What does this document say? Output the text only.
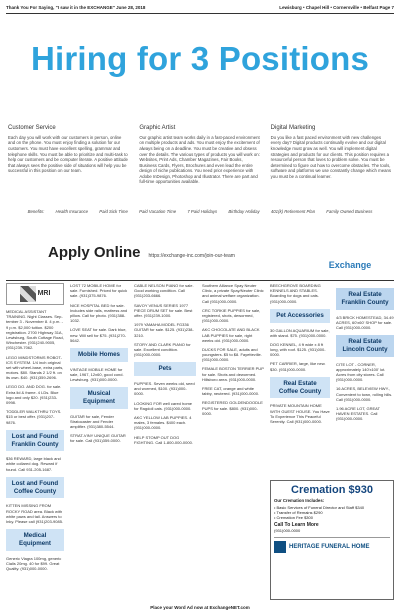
Thank You For Saying, "I saw it in the EXCHANGE" June 28, 2018	Lewisburg • Chapel Hill • Cornersville • Belfast Page 7
Hiring for 3 Positions
Customer Service

Each day you will work with our customers in person, online and on the phone. You must enjoy finding a solution for our customers. You must have excellent spelling, grammar and telephone skills. You must be able to prioritize and multi-task to help our customers and be computer literate. A positive attitude that always sees the positive side of situations will help you be successful in this position on our team.

Graphic Artist

Our graphic artist team works daily in a fast-paced environment on multiple products and ads. You must enjoy the excitement of always being on a deadline. You must be creative and obsess over the details. The various types of products you will work on: Websites, Print Ads, Chamber Magazines, Fair Books, Business Cards, Flyers, Brochures and even lead the entire design of niche publications. You need prior experience with Adobe InDesign, Photoshop and Illustrator. There are part and full-time opportunities available.

Digital Marketing

Do you like a fast paced environment with new challenges every day? Digital products continually evolve and our digital knowledge must grow as well. You will implement digital strategies and products for our clients. This position requires a resourceful person that loves to problem solve. You must be determined to figure out how to overcome obstacles. The tools, software and platforms we use constantly change which means you must be a continual learner.

Benefits:	Health Insurance	Paid Sick Time	Paid Vacation Time	7 Paid Holidays	Birthday Holiday	401(k) Retirement Plan	Family Owned Business
Apply Online https://exchange-inc.com/join-our-team
Exchange
MRI
MEDICAL ASSISTANT TRAINING. Night Classes. Sep- tember 3 - November 8. 4 p.m. - 9 p.m. $2,000 tuition. $200 registration. 2700 Highway 31A, Lewisburg, South Cottage Road, Winchester. (931)240-9005, (931)239-7062.
LEGO MINDSTORMS ROBOT- ICS SYSTEM. 1/4 inch original set with wheel-base, extra parts, motors. $80. Stands 2 1/2 ft. on its own. $40. (931)359-2696.
LEGO DO. AND DOG. for sale. Extra lid & frame. 4 LDs. Blue logo and only $20. (931)233-0998.
TODDLER WALKTHRU TOYS. $15 or best offer. (931)207-9876.
Lost and Found
Franklin County
$36 REWARD, large black and white collared dog. Reward if found. Call 931-205-1687.
Lost and Found
Coffee County
KITTEN MISSING FROM ROCKY ROAD area. Black with white paws and tail. Answers to Inky. Please call (931)203-9085.
Medical
Equipment
Generic Viagra 100mg, generic Cialis 20mg. 40 for $99. Great Quality. (931)000-0000.
LOST 72 MOBILE HOME for sale. Furnished. Priced for quick sale. (931)375-9876.
NICE HOSPITAL BED for sale. Includes side rails, mattress and pillow. Call for photo. (931)388-1032.
LOVE SEAT for sale. Dark blue, new. Will sell for $75. (931)270-5642.
Mobile Homes
VINTAGE MOBILE HOME for sale, 1967, 12x60, good cond. Lewisburg. (931)000-0000.
Musical
Equipment
GUITAR for sale, Fender Stratocaster and Fender amplifier. (931)380-5544.
STRAT-VINY UNIQUE GUITAR for sale. Call (931)359-0000.
CABLE NELSON PIANO for sale. Good working condition. Call (931)203-6666.
SAVOY VENUS SERIES 1977 PIECE DRUM SET for sale. Best offer. (931)239-1000.
1979 YAMAHA MODEL FG336 GUITAR for sale. $125. (931)238-3210.
STORY AND CLARK PIANO for sale. Excellent condition. (931)000-0000.
Pets
PUPPIES. Seven weeks old, seed and wormed, $100. (931)000-0000.
LOOKING FOR well cared home for Ragdoll cats. (931)000-0000.
AKC YELLOW LAB PUPPIES. 4 males, 3 females. $400 each. (931)000-0000.
HELP STOMP OUT DOG FIGHTING. Call 1-800-000-0000.
Southern Alliance Spay Neuter Clinic, a private Spay/Neuter Clinic and animal welfare organization. Call (931)000-0000.
CRC TORKIE PUPPIES for sale, registered, shots, dewormed, (931)000-0000.
AKC CHOCOLATE AND BLACK LAB PUPPIES for sale, right weeks old. (931)000-0000.
DUCKS FOR SALE, adults and youngsters. $5 to $8. Fayetteville. (931)000-0000.
FEMALE BOSTON TERRIER PUP for sale. Shots and dewormed. Hillsboro area. (931)000-0000.
FREE CAT, orange and white tabby, neutered. (931)000-0000.
REGISTERED GOLDENDOODLE PUPS for sale. $800. (931)000-0000.
BEECHGROVE BOARDING KENNELS AND STABLES. Boarding for dogs and cats. (931)000-0000.
Pet Accessories
30 GALLON AQUARIUM for sale, with stand. $75. (931)000-0000.
DOG KENNEL, 4 ft wide x 8 ft long, with roof. $125. (931)000-0000.
PET CARRIER, large, like new. $30. (931)000-0000.
Real Estate
Coffee County
PRIVATE MOUNTAIN HOME WITH GUEST HOUSE. You Have To Experience This Peaceful Serenity. Call (931)000-0000.
Real Estate
Franklin County
4/3 BRICK HOMESTEAD, 34.49 ACRES, 60'x60' SHOP for sale. Call (931)000-0000.
Real Estate
Lincoln County
CITE LOT - CORNER, approximately 140'x100' lot. Acres from city stores. Call (931)000-0000.
16 ACRES, BELEVIEW HWY., Convenient to town, rolling hills. Call (931)000-0000.
1.96 ACRE LOT, GREAT HAVEN ESTATES. Call (931)000-0000.
Cremation $930
Our Cremation Includes:
• Basic Services of Funeral Director and Staff $340
• Transfer of Remains $290
• Cremation Fee $300
Call To Learn More
(931)000-0000
HERITAGE FUNERAL HOME
Place your Word Ad now at ExchangeNET.com
